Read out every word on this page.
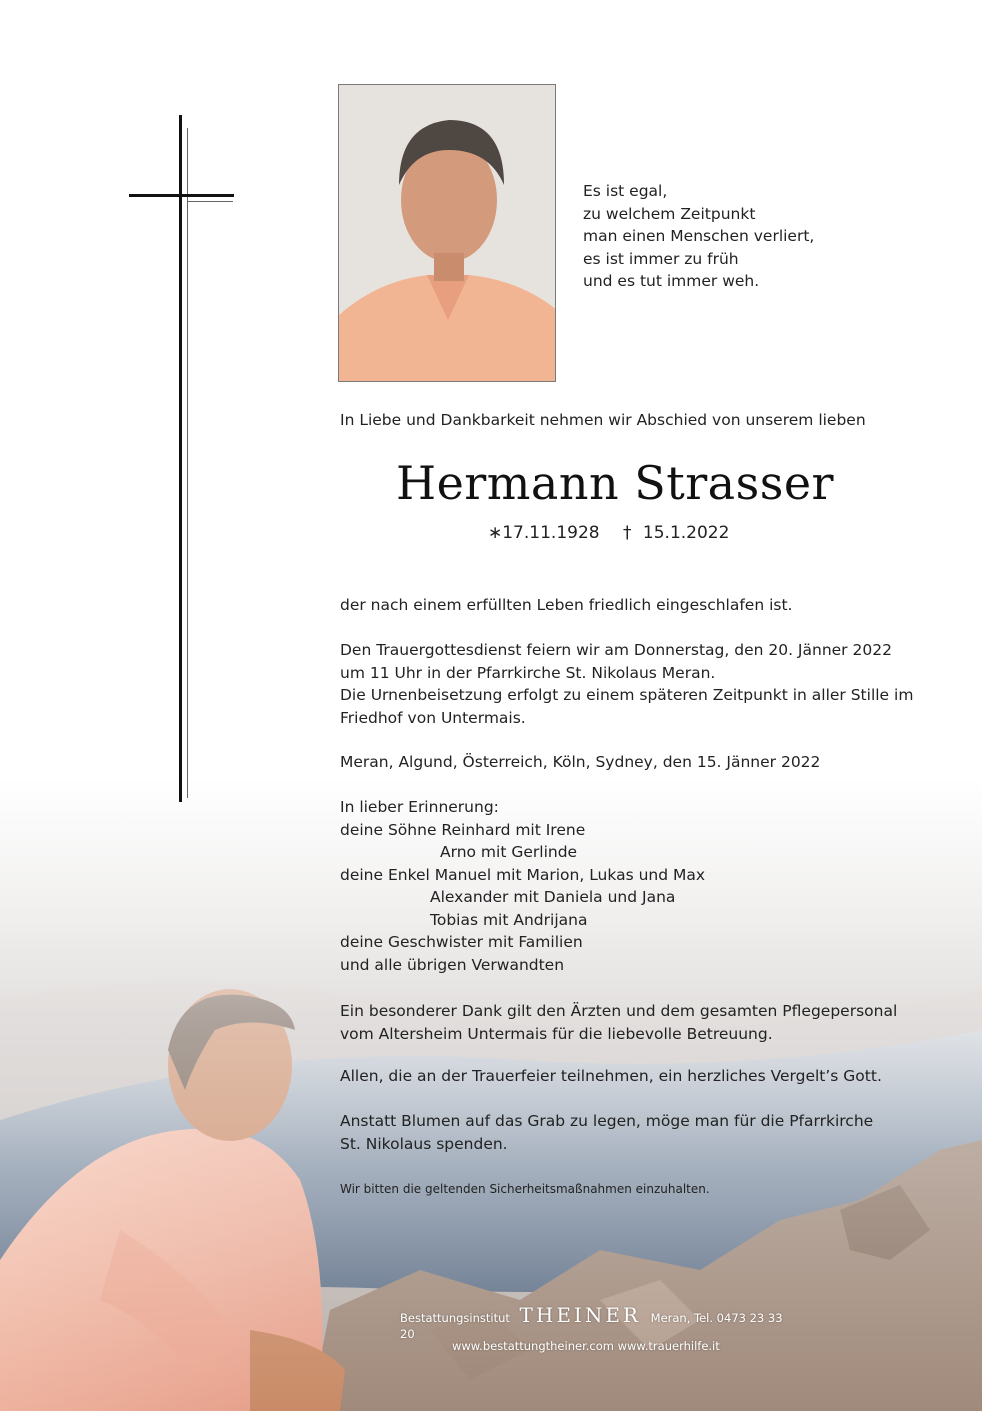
Es ist egal,
zu welchem Zeitpunkt
man einen Menschen verliert,
es ist immer zu früh
und es tut immer weh.
In Liebe und Dankbarkeit nehmen wir Abschied von unserem lieben
Hermann Strasser
∗17.11.1928 † 15.1.2022
der nach einem erfüllten Leben friedlich eingeschlafen ist.
Den Trauergottesdienst feiern wir am Donnerstag, den 20. Jänner 2022
um 11 Uhr in der Pfarrkirche St. Nikolaus Meran.
Die Urnenbeisetzung erfolgt zu einem späteren Zeitpunkt in aller Stille im
Friedhof von Untermais.
Meran, Algund, Österreich, Köln, Sydney, den 15. Jänner 2022
In lieber Erinnerung:
deine Söhne Reinhard mit Irene
Arno mit Gerlinde
deine Enkel Manuel mit Marion, Lukas und Max
Alexander mit Daniela und Jana
Tobias mit Andrijana
deine Geschwister mit Familien
und alle übrigen Verwandten
Ein besonderer Dank gilt den Ärzten und dem gesamten Pflegepersonal
vom Altersheim Untermais für die liebevolle Betreuung.
Allen, die an der Trauerfeier teilnehmen, ein herzliches Vergelt’s Gott.
Anstatt Blumen auf das Grab zu legen, möge man für die Pfarrkirche
St. Nikolaus spenden.
Wir bitten die geltenden Sicherheitsmaßnahmen einzuhalten.
Bestattungsinstitut THEINER Meran, Tel. 0473 23 33 20
www.bestattungtheiner.com www.trauerhilfe.it
